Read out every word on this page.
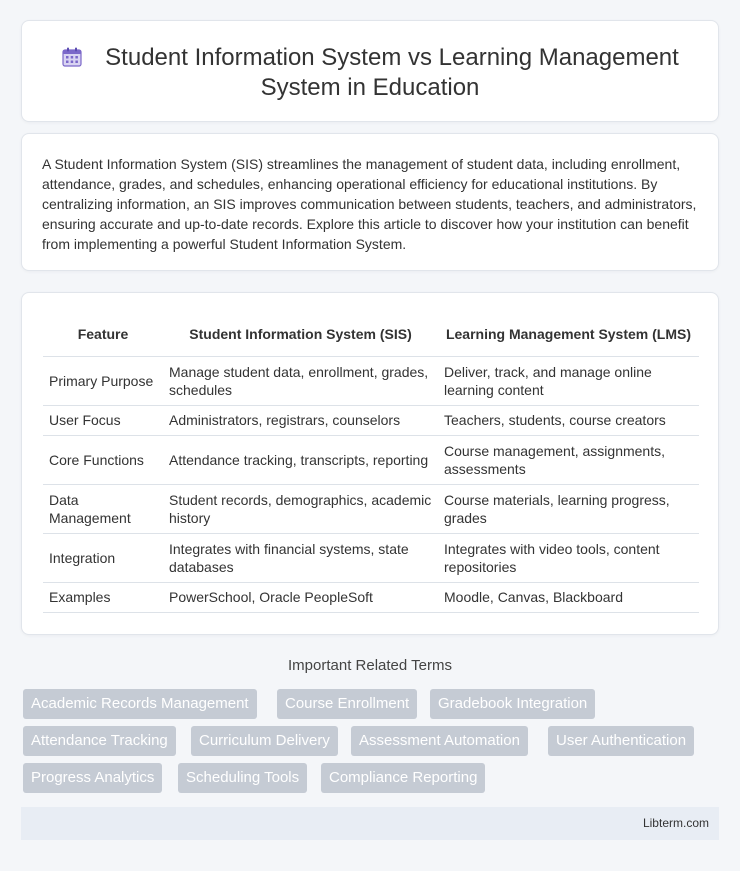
Student Information System vs Learning Management System in Education

A Student Information System (SIS) streamlines the management of student data, including enrollment, attendance, grades, and schedules, enhancing operational efficiency for educational institutions. By centralizing information, an SIS improves communication between students, teachers, and administrators, ensuring accurate and up-to-date records. Explore this article to discover how your institution can benefit from implementing a powerful Student Information System.

Feature	Student Information System (SIS)	Learning Management System (LMS)
Primary Purpose	Manage student data, enrollment, grades, schedules	Deliver, track, and manage online learning content
User Focus	Administrators, registrars, counselors	Teachers, students, course creators
Core Functions	Attendance tracking, transcripts, reporting	Course management, assignments, assessments
Data Management	Student records, demographics, academic history	Course materials, learning progress, grades
Integration	Integrates with financial systems, state databases	Integrates with video tools, content repositories
Examples	PowerSchool, Oracle PeopleSoft	Moodle, Canvas, Blackboard
Important Related Terms
Academic Records Management	Course Enrollment	Gradebook Integration
Attendance Tracking	Curriculum Delivery	Assessment Automation	User Authentication
Progress Analytics	Scheduling Tools	Compliance Reporting
Libterm.com
